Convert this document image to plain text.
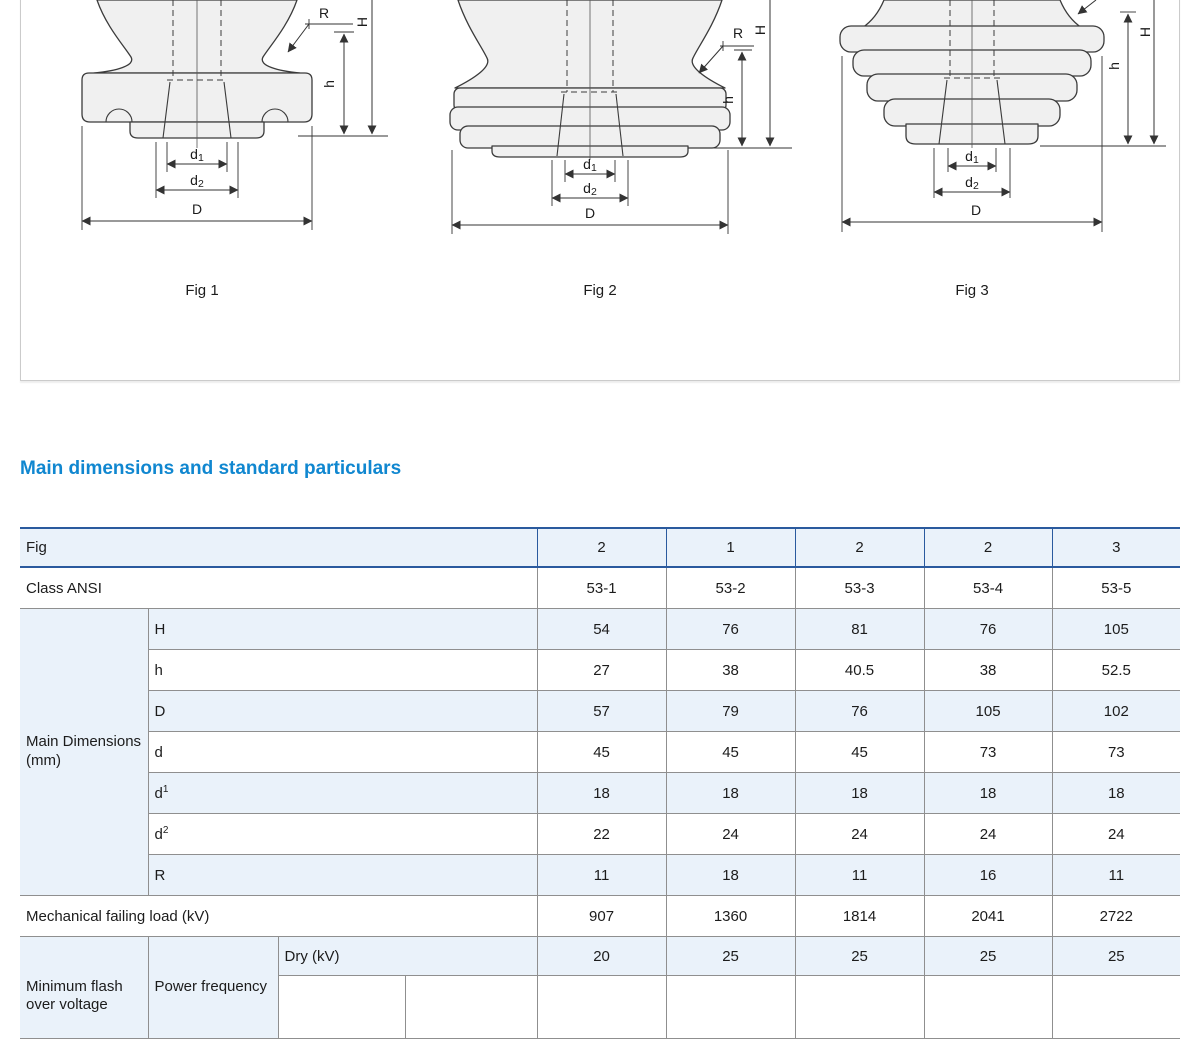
d1
d2
D
h
H
R
d1
d2
D
h
H
R
d1
d2
D
h
H
Fig 1	Fig 2	Fig 3
Main dimensions and standard particulars
Fig				2	1	2	2	3
Class ANSI				53-1	53-2	53-3	53-4	53-5
Main Dimensions (mm)	H			54	76	81	76	105
	h			27	38	40.5	38	52.5
	D			57	79	76	105	102
	d			45	45	45	73	73
	$d^1$			18	18	18	18	18
	$d^2$			22	24	24	24	24
	R			11	18	11	16	11
Mechanical failing load (kV)				907	1360	1814	2041	2722
		Dry (kV)		20	25	25	25	25
Minimum flash over voltage	Power frequency							
